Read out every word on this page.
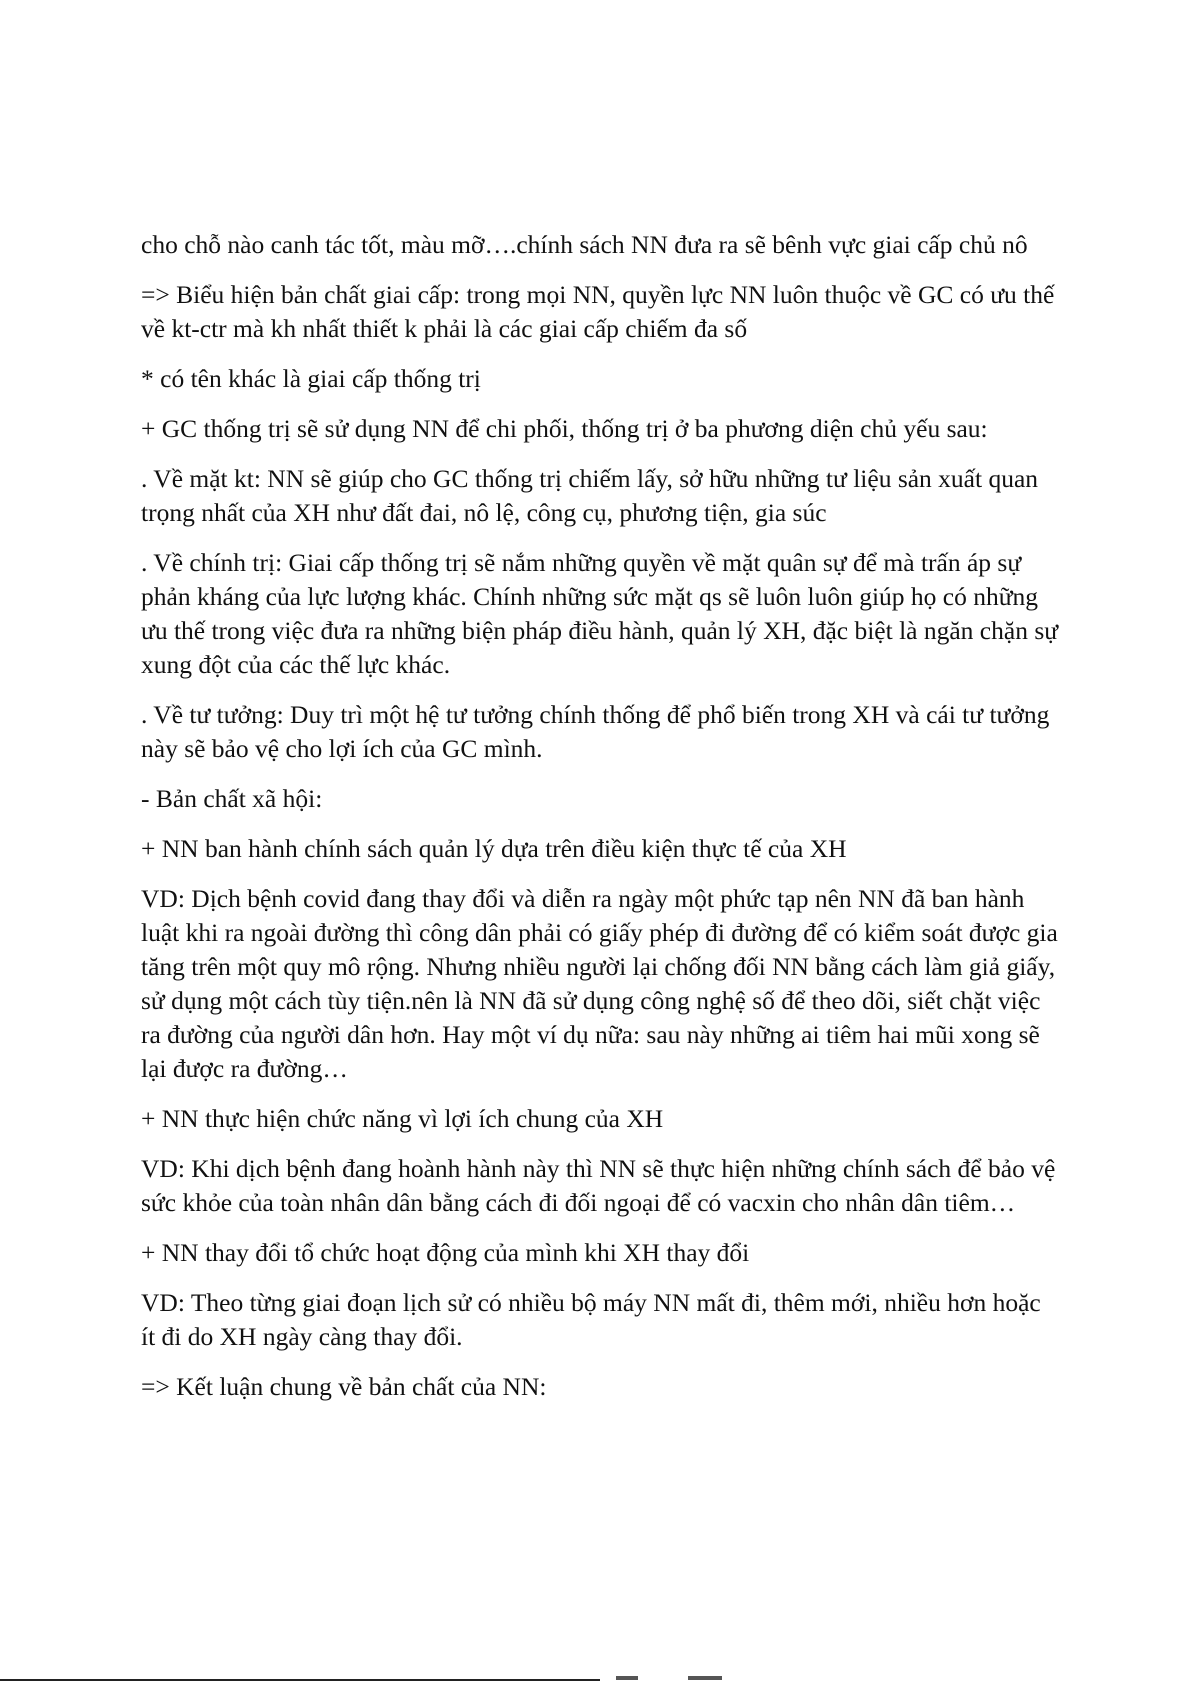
cho chỗ nào canh tác tốt, màu mỡ….chính sách NN đưa ra sẽ bênh vực giai cấp chủ nô

=> Biểu hiện bản chất giai cấp: trong mọi NN, quyền lực NN luôn thuộc về GC có ưu thế về kt-ctr mà kh nhất thiết k phải là các giai cấp chiếm đa số

* có tên khác là giai cấp thống trị

+ GC thống trị sẽ sử dụng NN để chi phối, thống trị ở ba phương diện chủ yếu sau:

. Về mặt kt: NN sẽ giúp cho GC thống trị chiếm lấy, sở hữu những tư liệu sản xuất quan trọng nhất của XH như đất đai, nô lệ, công cụ, phương tiện, gia súc

. Về chính trị: Giai cấp thống trị sẽ nắm những quyền về mặt quân sự để mà trấn áp sự phản kháng của lực lượng khác. Chính những sức mặt qs sẽ luôn luôn giúp họ có những ưu thế trong việc đưa ra những biện pháp điều hành, quản lý XH, đặc biệt là ngăn chặn sự xung đột của các thế lực khác.

. Về tư tưởng: Duy trì một hệ tư tưởng chính thống để phổ biến trong XH và cái tư tưởng này sẽ bảo vệ cho lợi ích của GC mình.

- Bản chất xã hội:

+ NN ban hành chính sách quản lý dựa trên điều kiện thực tế của XH

VD: Dịch bệnh covid đang thay đổi và diễn ra ngày một phức tạp nên NN đã ban hành luật khi ra ngoài đường thì công dân phải có giấy phép đi đường để có kiểm soát được gia tăng trên một quy mô rộng. Nhưng nhiều người lại chống đối NN bằng cách làm giả giấy, sử dụng một cách tùy tiện.nên là NN đã sử dụng công nghệ số để theo dõi, siết chặt việc ra đường của người dân hơn. Hay một ví dụ nữa: sau này những ai tiêm hai mũi xong sẽ lại được ra đường…

+ NN thực hiện chức năng vì lợi ích chung của XH

VD: Khi dịch bệnh đang hoành hành này thì NN sẽ thực hiện những chính sách để bảo vệ sức khỏe của toàn nhân dân bằng cách đi đối ngoại để có vacxin cho nhân dân tiêm…

+ NN thay đổi tổ chức hoạt động của mình khi XH thay đổi

VD: Theo từng giai đoạn lịch sử có nhiều bộ máy NN mất đi, thêm mới, nhiều hơn hoặc ít đi do XH ngày càng thay đổi.

=> Kết luận chung về bản chất của NN:
